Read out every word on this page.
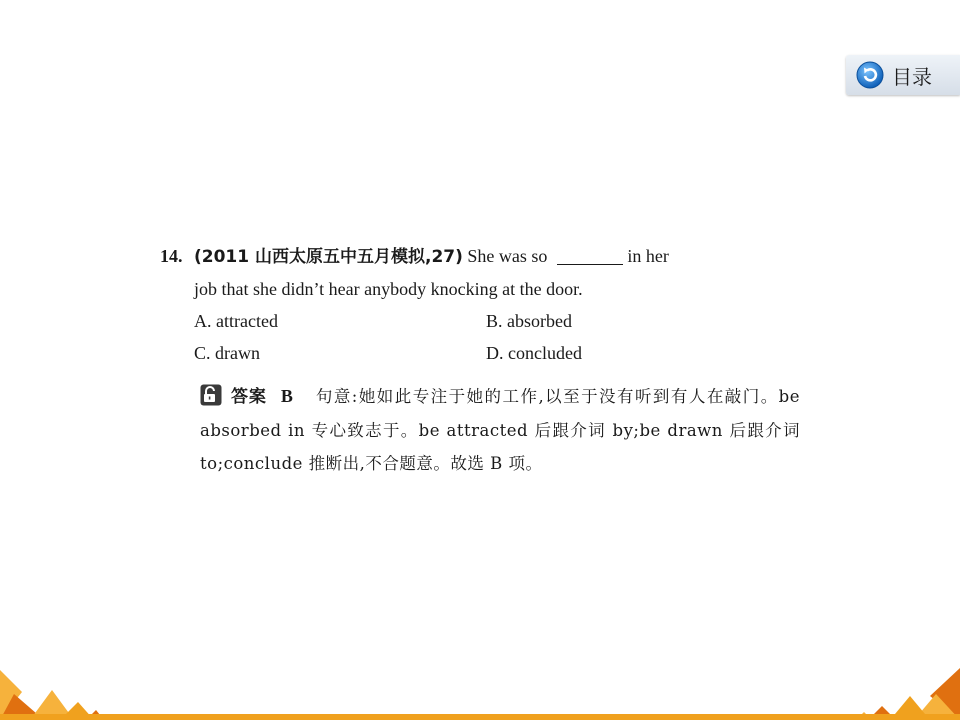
目录
14. (2011 山西太原五中五月模拟,27) She was so	in her
job that she didn’t hear anybody knocking at the door.
A. attracted	B. absorbed
C. drawn	D. concluded
答案 B 句意:她如此专注于她的工作,以至于没有听到有人在敲门。be absorbed in 专心致志于。be attracted 后跟介词 by;be drawn 后跟介词 to;conclude 推断出,不合题意。故选 B 项。
